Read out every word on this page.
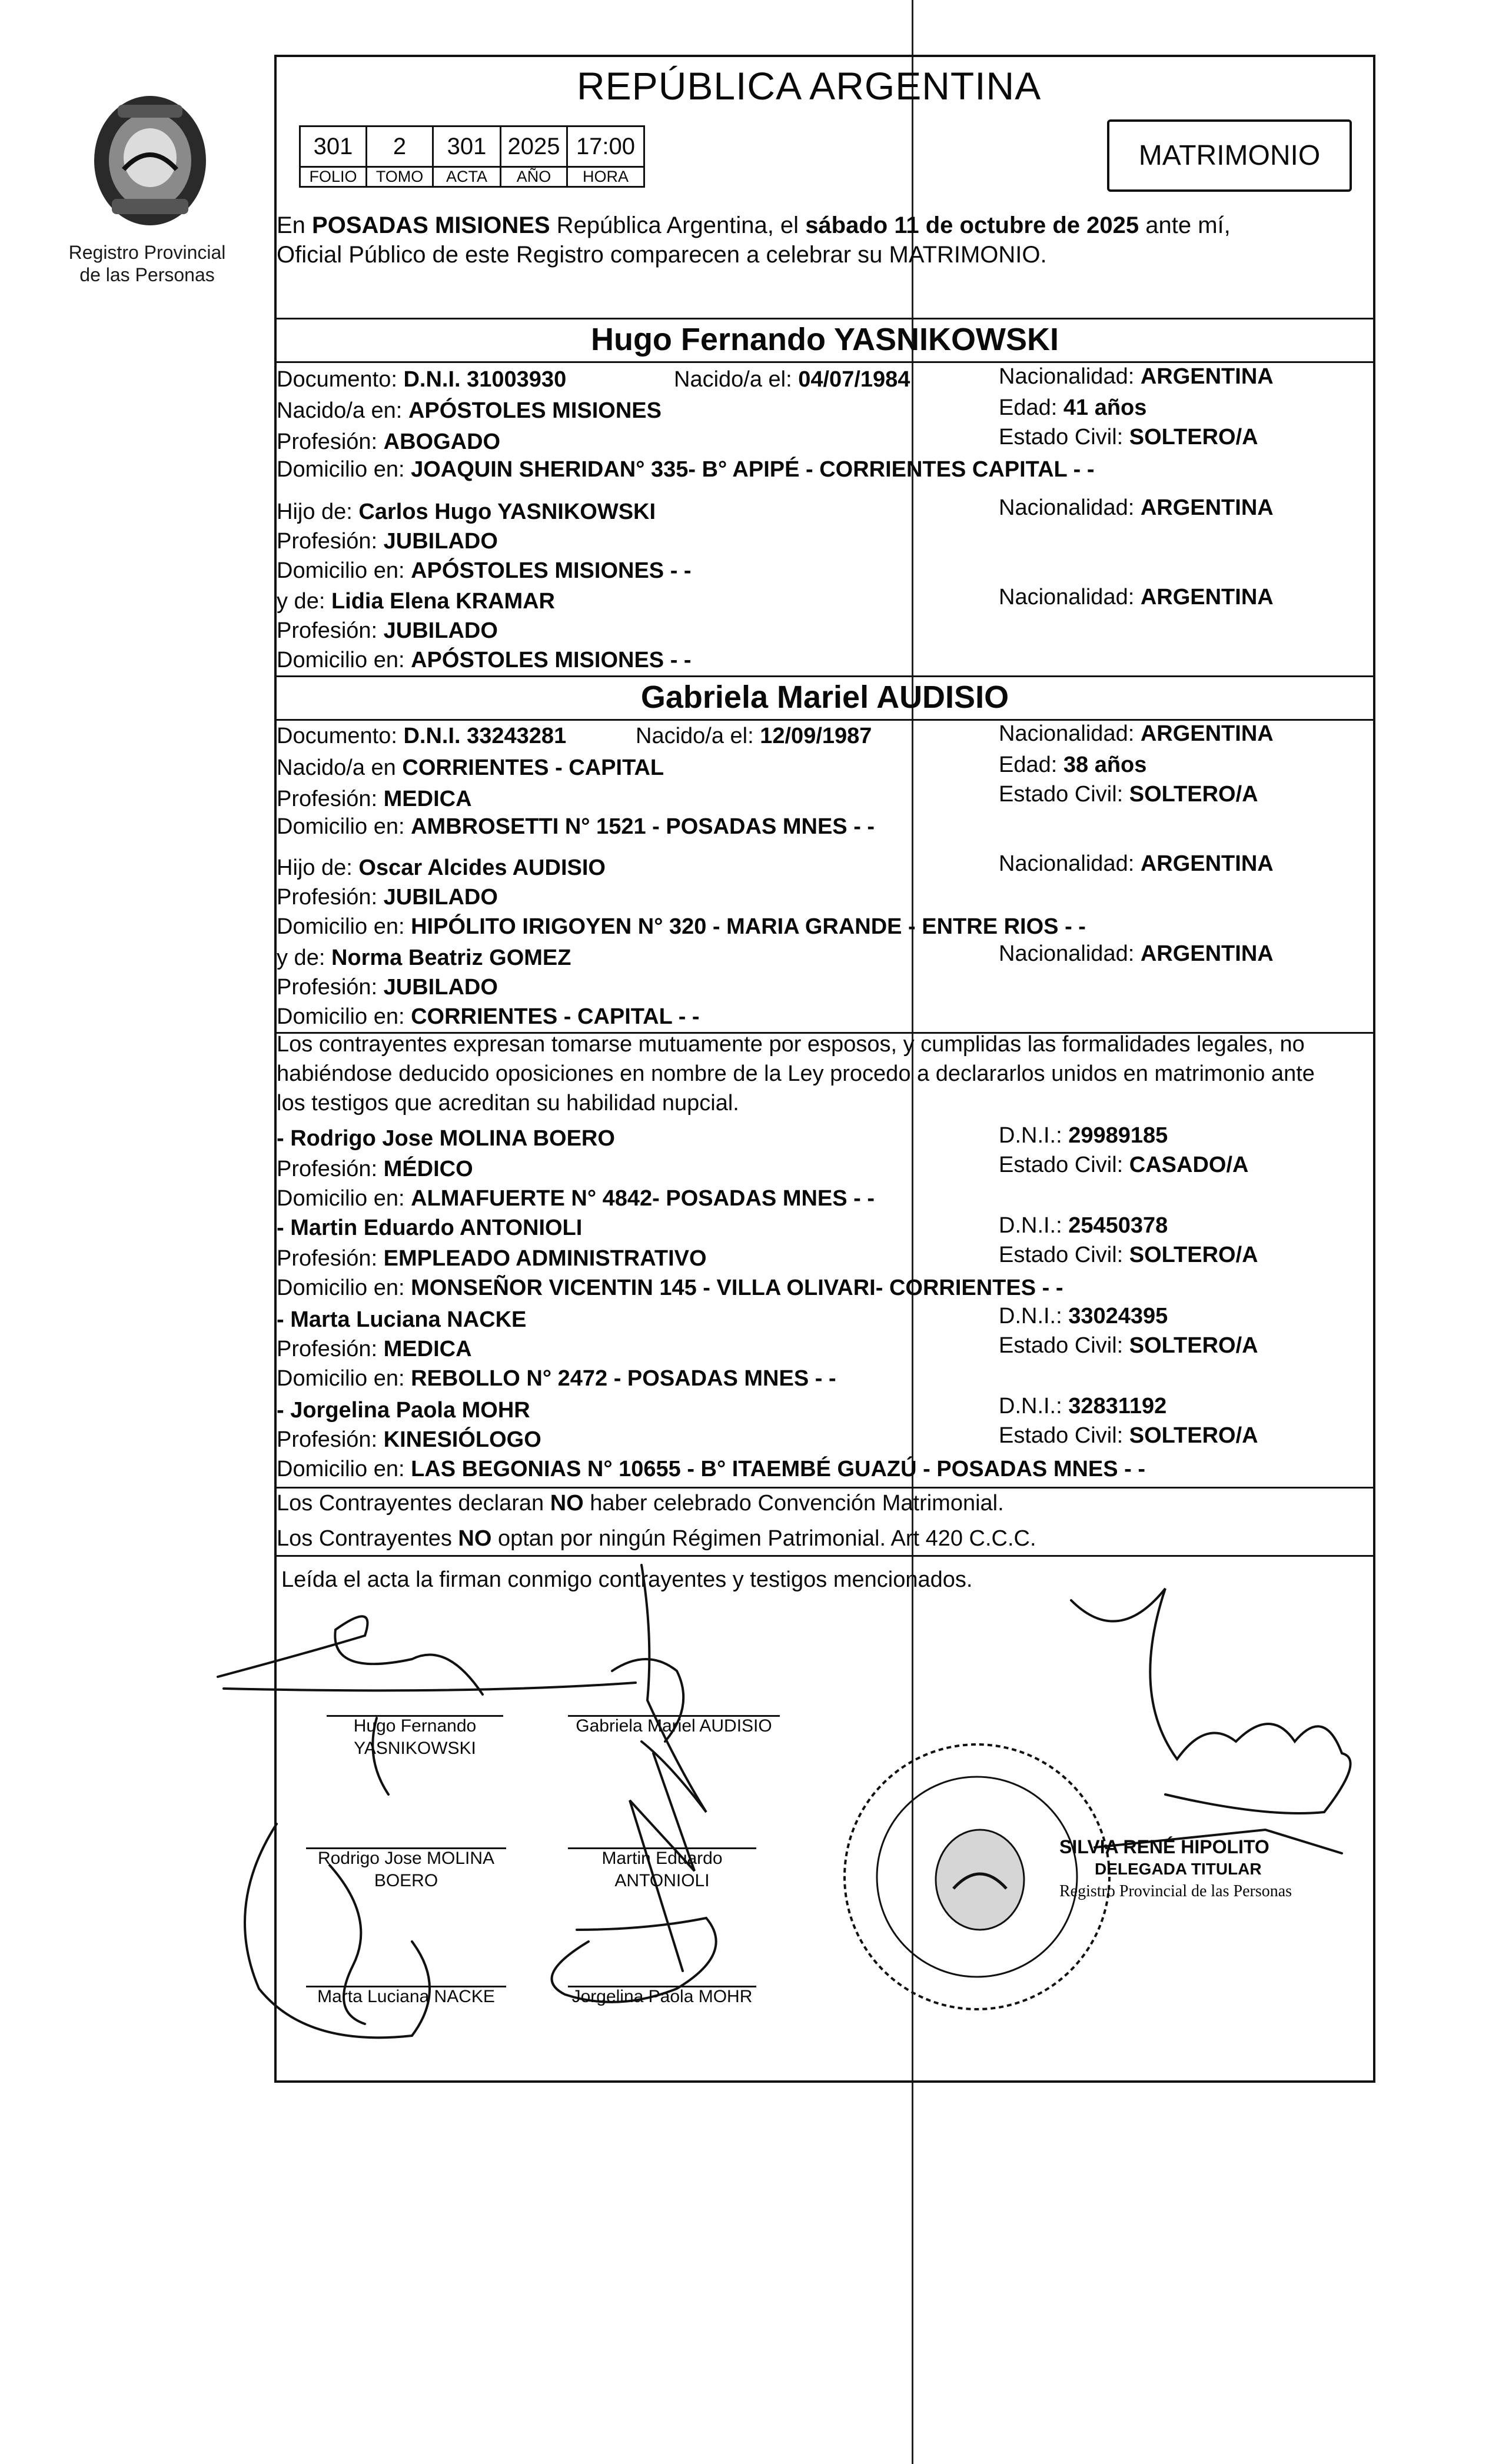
Registro Provincial
de las Personas
REPÚBLICA ARGENTINA
301	2	301	2025	17:00
FOLIO	TOMO	ACTA	AÑO	HORA
MATRIMONIO
En POSADAS MISIONES República Argentina, el sábado 11 de octubre de 2025 ante mí,
Oficial Público de este Registro comparecen a celebrar su MATRIMONIO.
Hugo Fernando YASNIKOWSKI
Documento: D.N.I. 31003930	Nacido/a el: 04/07/1984	Nacionalidad: ARGENTINA
Nacido/a en: APÓSTOLES MISIONES	Edad: 41 años
Profesión: ABOGADO	Estado Civil: SOLTERO/A
Domicilio en: JOAQUIN SHERIDAN° 335- B° APIPÉ - CORRIENTES CAPITAL - -
Hijo de: Carlos Hugo YASNIKOWSKI	Nacionalidad: ARGENTINA
Profesión: JUBILADO
Domicilio en: APÓSTOLES MISIONES - -
y de: Lidia Elena KRAMAR	Nacionalidad: ARGENTINA
Profesión: JUBILADO
Domicilio en: APÓSTOLES MISIONES - -
Gabriela Mariel AUDISIO
Documento: D.N.I. 33243281	Nacido/a el: 12/09/1987	Nacionalidad: ARGENTINA
Nacido/a en CORRIENTES - CAPITAL	Edad: 38 años
Profesión: MEDICA	Estado Civil: SOLTERO/A
Domicilio en: AMBROSETTI N° 1521 - POSADAS MNES - -
Hijo de: Oscar Alcides AUDISIO	Nacionalidad: ARGENTINA
Profesión: JUBILADO
Domicilio en: HIPÓLITO IRIGOYEN N° 320 - MARIA GRANDE - ENTRE RIOS - -
y de: Norma Beatriz GOMEZ	Nacionalidad: ARGENTINA
Profesión: JUBILADO
Domicilio en: CORRIENTES - CAPITAL - -
Los contrayentes expresan tomarse mutuamente por esposos, y cumplidas las formalidades legales, no
habiéndose deducido oposiciones en nombre de la Ley procedo a declararlos unidos en matrimonio ante
los testigos que acreditan su habilidad nupcial.
- Rodrigo Jose MOLINA BOERO	D.N.I.: 29989185
Profesión: MÉDICO	Estado Civil: CASADO/A
Domicilio en: ALMAFUERTE N° 4842- POSADAS MNES - -
- Martin Eduardo ANTONIOLI	D.N.I.: 25450378
Profesión: EMPLEADO ADMINISTRATIVO	Estado Civil: SOLTERO/A
Domicilio en: MONSEÑOR VICENTIN 145 - VILLA OLIVARI- CORRIENTES - -
- Marta Luciana NACKE	D.N.I.: 33024395
Profesión: MEDICA	Estado Civil: SOLTERO/A
Domicilio en: REBOLLO N° 2472 - POSADAS MNES - -
- Jorgelina Paola MOHR	D.N.I.: 32831192
Profesión: KINESIÓLOGO	Estado Civil: SOLTERO/A
Domicilio en: LAS BEGONIAS N° 10655 - B° ITAEMBÉ GUAZÚ - POSADAS MNES - -
Los Contrayentes declaran NO haber celebrado Convención Matrimonial.
Los Contrayentes NO optan por ningún Régimen Patrimonial. Art 420 C.C.C.
Leída el acta la firman conmigo contrayentes y testigos mencionados.
Hugo Fernando
YASNIKOWSKI
Gabriela Mariel AUDISIO
Rodrigo Jose MOLINA
BOERO
Martin Eduardo
ANTONIOLI
Marta Luciana NACKE	Jorgelina Paola MOHR
SILVIA RENÉ HIPOLITO
DELEGADA TITULAR
Registro Provincial de las Personas
